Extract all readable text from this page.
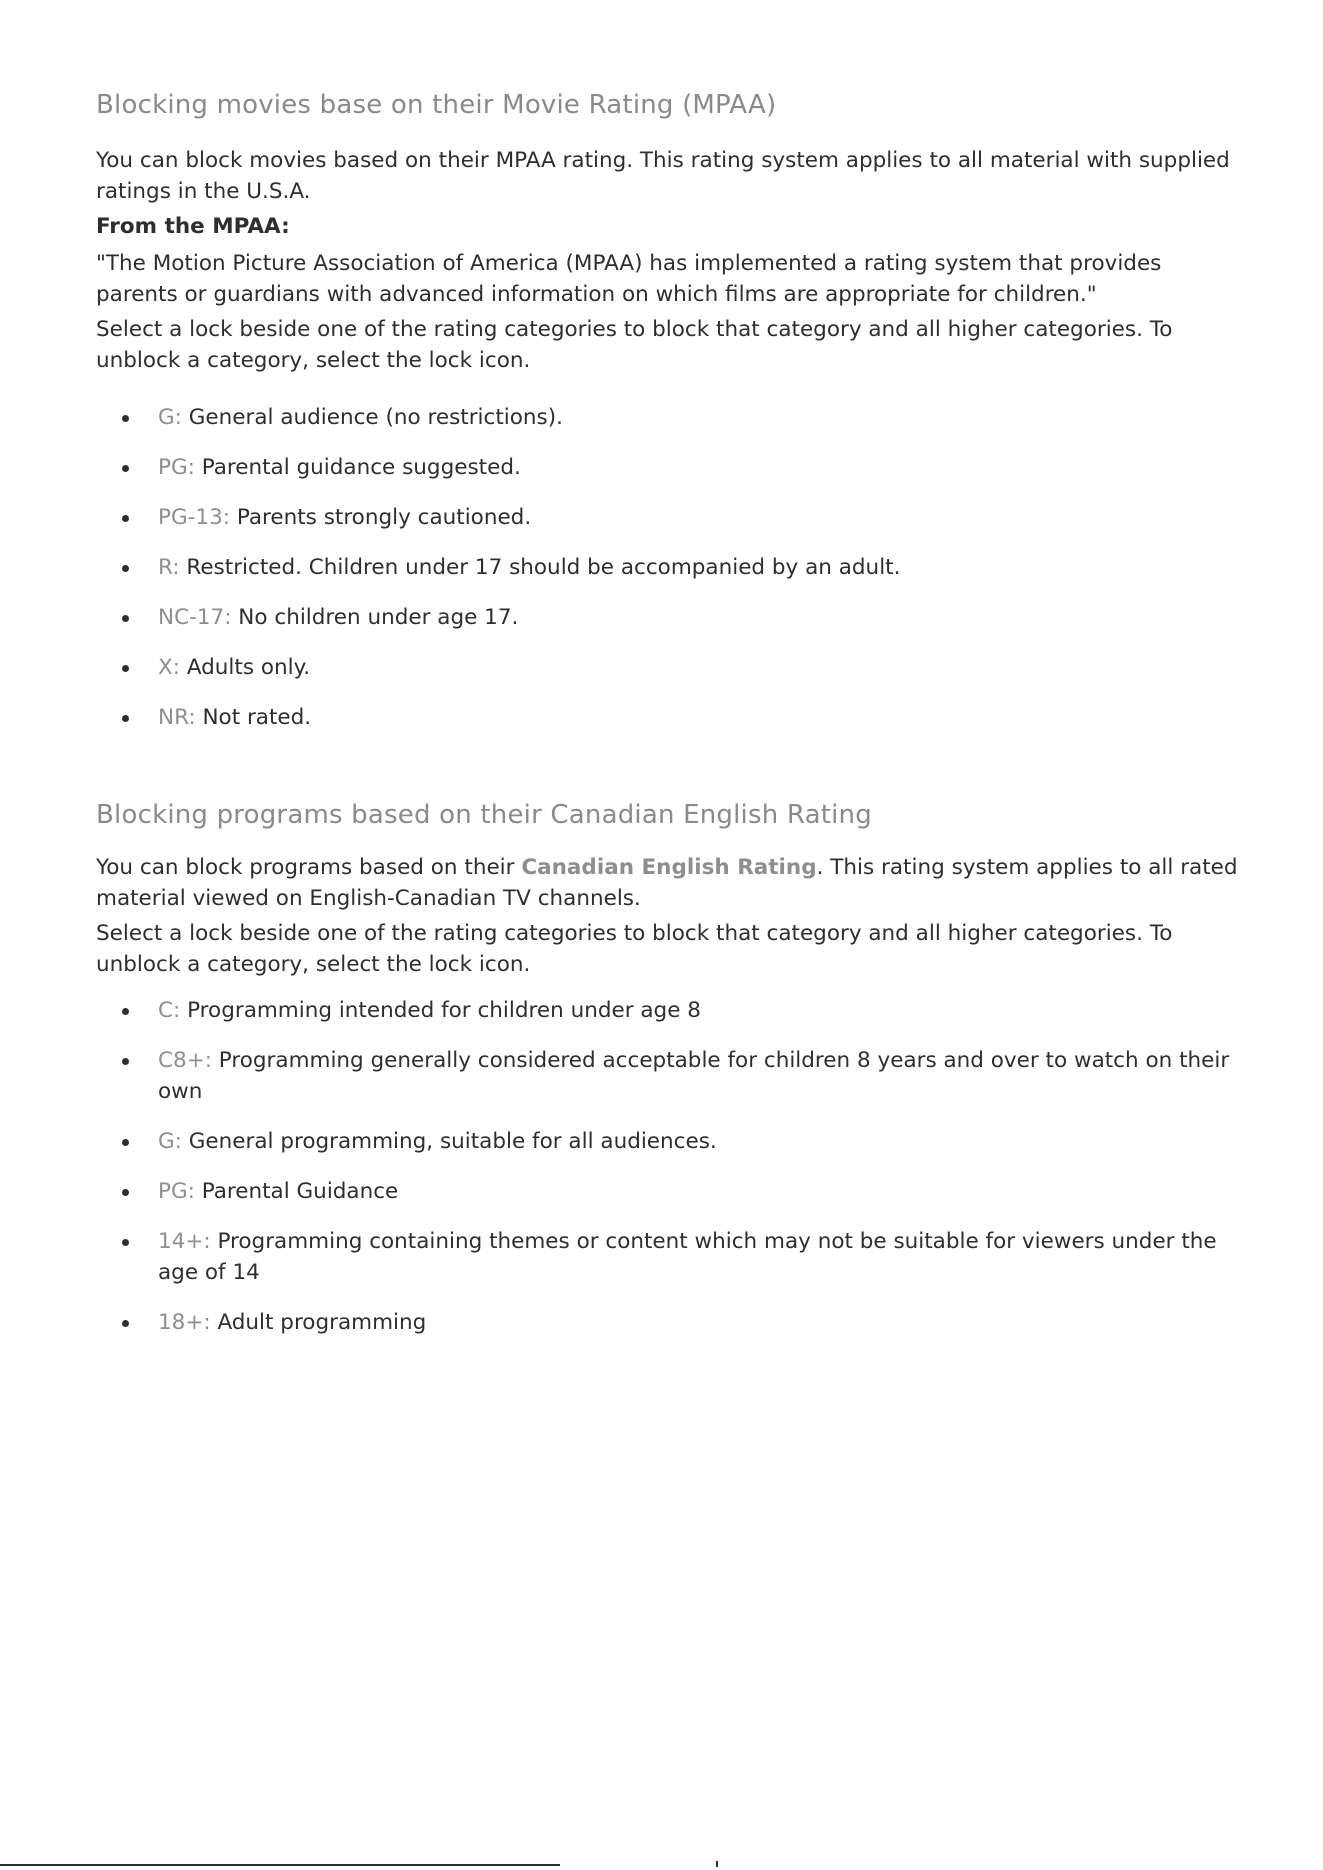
Blocking movies base on their Movie Rating (MPAA)

You can block movies based on their MPAA rating. This rating system applies to all material with supplied ratings in the U.S.A.

From the MPAA:

"The Motion Picture Association of America (MPAA) has implemented a rating system that provides parents or guardians with advanced information on which films are appropriate for children."

Select a lock beside one of the rating categories to block that category and all higher categories. To unblock a category, select the lock icon.

G: General audience (no restrictions).
PG: Parental guidance suggested.
PG-13: Parents strongly cautioned.
R: Restricted. Children under 17 should be accompanied by an adult.
NC-17: No children under age 17.
X: Adults only.
NR: Not rated.
Blocking programs based on their Canadian English Rating

You can block programs based on their Canadian English Rating. This rating system applies to all rated material viewed on English-Canadian TV channels.

Select a lock beside one of the rating categories to block that category and all higher categories. To unblock a category, select the lock icon.

C: Programming intended for children under age 8
C8+: Programming generally considered acceptable for children 8 years and over to watch on their own
G: General programming, suitable for all audiences.
PG: Parental Guidance
14+: Programming containing themes or content which may not be suitable for viewers under the age of 14
18+: Adult programming
